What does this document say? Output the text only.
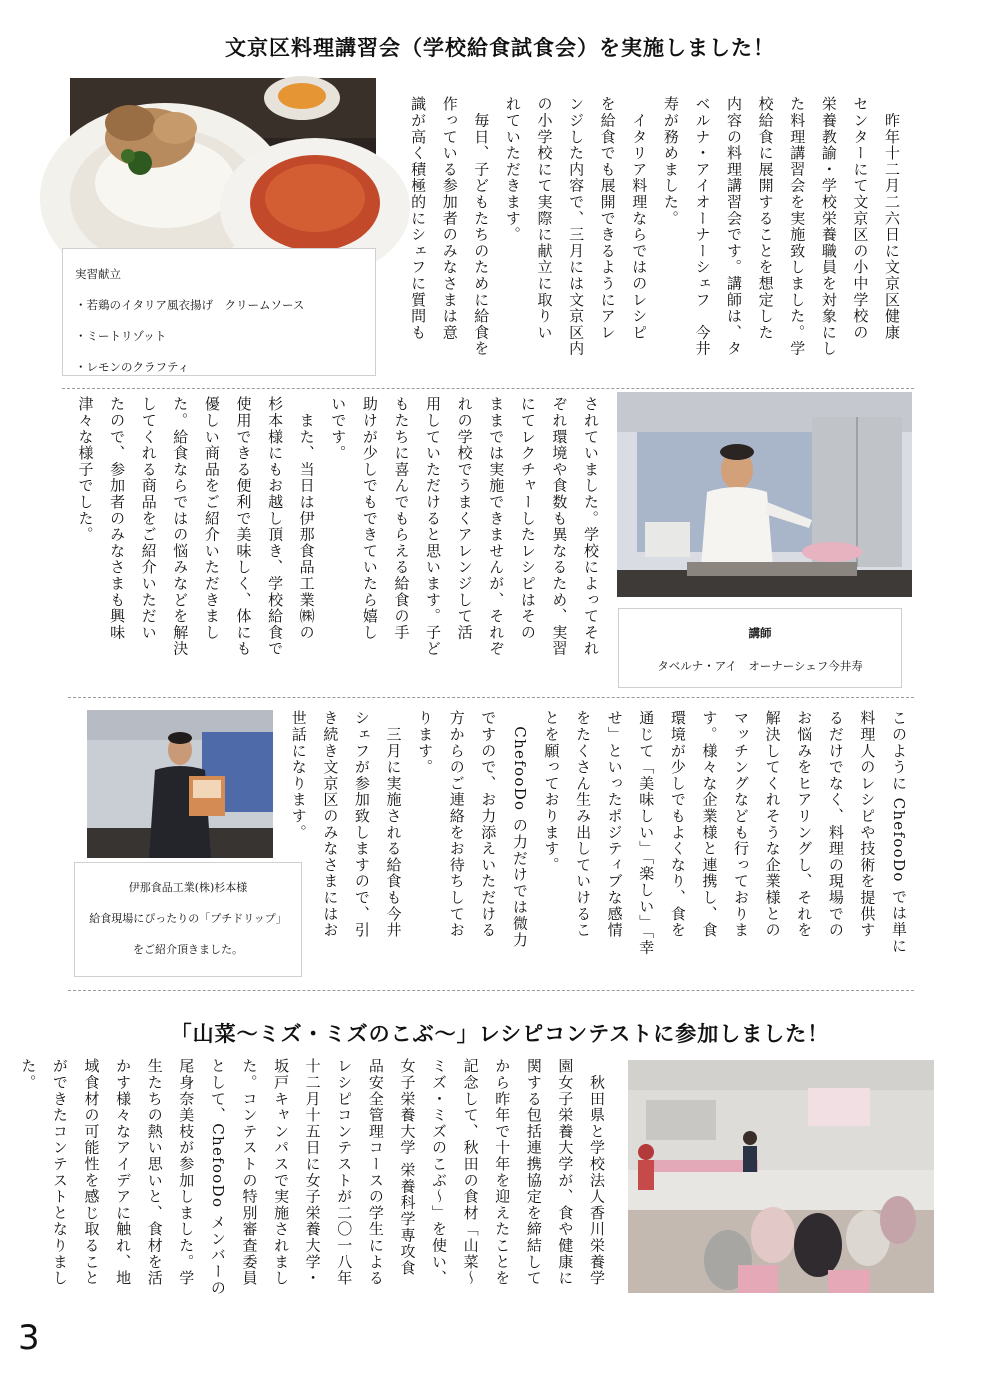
文京区料理講習会（学校給食試食会）を実施しました！

実習献立

・若鶏のイタリア風衣揚げ　クリームソース

・ミートリゾット

・レモンのクラフティ

　昨年十二月二六日に文京区健康
センターにて文京区の小中学校の
栄養教諭・学校栄養職員を対象にし
た料理講習会を実施致しました。学
校給食に展開することを想定した
内容の料理講習会です。講師は、タ
ベルナ・アイオーナーシェフ　今井
寿が務めました。
　イタリア料理ならではのレシピ
を給食でも展開できるようにアレ
ンジした内容で、三月には文京区内
の小学校にて実際に献立に取りい
れていただきます。
　毎日、子どもたちのために給食を
作っている参加者のみなさまは意
識が高く積極的にシェフに質問も

講師

タベルナ・アイ　オーナーシェフ今井寿

されていました。学校によってそれ
ぞれ環境や食数も異なるため、実習
にてレクチャーしたレシピはその
ままでは実施できませんが、それぞ
れの学校でうまくアレンジして活
用していただけると思います。子ど
もたちに喜んでもらえる給食の手
助けが少しでもできていたら嬉し
いです。
　また、当日は伊那食品工業㈱の
杉本様にもお越し頂き、学校給食で
使用できる便利で美味しく、体にも
優しい商品をご紹介いただきまし
た。給食ならではの悩みなどを解決
してくれる商品をご紹介いただい
たので、参加者のみなさまも興味
津々な様子でした。

伊那食品工業(株)杉本様

給食現場にぴったりの「プチドリップ」

をご紹介頂きました。

このように ChefooDo では単に
料理人のレシピや技術を提供す
るだけでなく、料理の現場での
お悩みをヒアリングし、それを
解決してくれそうな企業様との
マッチングなども行っておりま
す。様々な企業様と連携し、食
環境が少しでもよくなり、食を
通じて「美味しい」「楽しい」「幸
せ」といったポジティブな感情
をたくさん生み出していけるこ
とを願っております。
　ChefooDo の力だけでは微力
ですので、お力添えいただける
方からのご連絡をお待ちしてお
ります。
　三月に実施される給食も今井
シェフが参加致しますので、引
き続き文京区のみなさまにはお
世話になります。
「山菜〜ミズ・ミズのこぶ〜」レシピコンテストに参加しました！
　秋田県と学校法人香川栄養学
園女子栄養大学が、食や健康に
関する包括連携協定を締結して
から昨年で十年を迎えたことを
記念して、秋田の食材「山菜〜
ミズ・ミズのこぶ〜」を使い、
女子栄養大学 栄養科学専攻食
品安全管理コースの学生による
レシピコンテストが二〇一八年
十二月十五日に女子栄養大学・
坂戸キャンパスで実施されまし
た。コンテストの特別審査委員
として、ChefooDo メンバーの
尾身奈美枝が参加しました。学
生たちの熱い思いと、食材を活
かす様々なアイデアに触れ、地
域食材の可能性を感じ取ること
ができたコンテストとなりまし
た。
3
